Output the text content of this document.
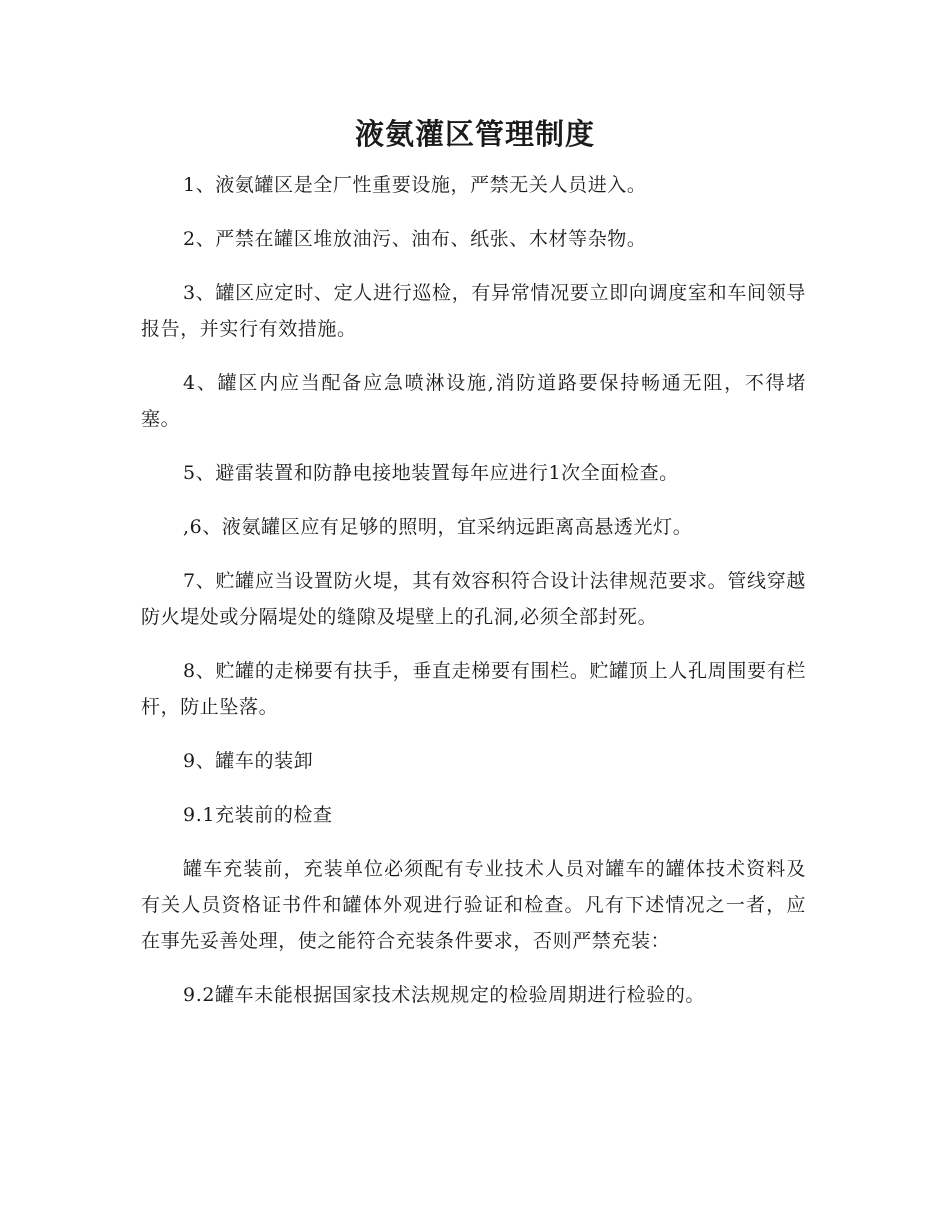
液氨灌区管理制度

1、液氨罐区是全厂性重要设施，严禁无关人员进入。

2、严禁在罐区堆放油污、油布、纸张、木材等杂物。

3、罐区应定时、定人进行巡检，有异常情况要立即向调度室和车间领导报告，并实行有效措施。

4、罐区内应当配备应急喷淋设施,消防道路要保持畅通无阻，不得堵塞。

5、避雷装置和防静电接地装置每年应进行1次全面检查。

,6、液氨罐区应有足够的照明，宜采纳远距离高悬透光灯。

7、贮罐应当设置防火堤，其有效容积符合设计法律规范要求。管线穿越防火堤处或分隔堤处的缝隙及堤壁上的孔洞,必须全部封死。

8、贮罐的走梯要有扶手，垂直走梯要有围栏。贮罐顶上人孔周围要有栏杆，防止坠落。

9、罐车的装卸

9.1充装前的检查

罐车充装前，充装单位必须配有专业技术人员对罐车的罐体技术资料及有关人员资格证书件和罐体外观进行验证和检查。凡有下述情况之一者，应在事先妥善处理，使之能符合充装条件要求，否则严禁充装：

9.2罐车未能根据国家技术法规规定的检验周期进行检验的。
